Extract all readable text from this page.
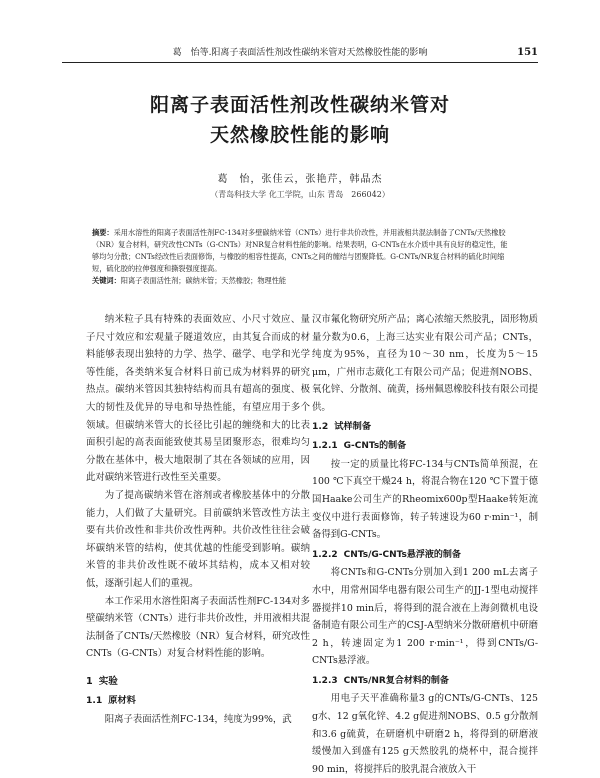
葛　怡等.阳离子表面活性剂改性碳纳米管对天然橡胶性能的影响	151
阳离子表面活性剂改性碳纳米管对
天然橡胶性能的影响
葛　怡，张佳云，张艳芹，韩晶杰
（青岛科技大学 化工学院，山东 青岛　266042）
摘要：采用水溶性的阳离子表面活性剂FC-134对多壁碳纳米管（CNTs）进行非共价改性，并用液相共混法制备了CNTs/天然橡胶（NR）复合材料，研究改性CNTs（G-CNTs）对NR复合材料性能的影响。结果表明，G-CNTs在水介质中具有良好的稳定性，能够均匀分散；CNTs经改性后表面修饰，与橡胶的相容性提高，CNTs之间的缠结与团聚降低。G-CNTs/NR复合材料的硫化时间缩短，硫化胶的拉伸强度和撕裂强度提高。
关键词：阳离子表面活性剂；碳纳米管；天然橡胶；物理性能

纳米粒子具有特殊的表面效应、小尺寸效应、量子尺寸效应和宏观量子隧道效应，由其复合而成的材料能够表现出独特的力学、热学、磁学、电学和光学等性能，各类纳米复合材料日前已成为材料界的研究热点。碳纳米管因其独特结构而具有超高的强度、极大的韧性及优异的导电和导热性能，有望应用于多个领域。但碳纳米管大的长径比引起的缠绕和大的比表面积引起的高表面能致使其易呈团聚形态，很难均匀分散在基体中，极大地限制了其在各领域的应用，因此对碳纳米管进行改性至关重要。

为了提高碳纳米管在溶剂或者橡胶基体中的分散能力，人们做了大量研究。目前碳纳米管改性方法主要有共价改性和非共价改性两种。共价改性往往会破坏碳纳米管的结构，使其优越的性能受到影响。碳纳米管的非共价改性既不破坏其结构，成本又相对较低，逐渐引起人们的重视。

本工作采用水溶性阳离子表面活性剂FC-134对多壁碳纳米管（CNTs）进行非共价改性，并用液相共混法制备了CNTs/天然橡胶（NR）复合材料，研究改性CNTs（G-CNTs）对复合材料性能的影响。

1 实验
1.1 原材料

阳离子表面活性剂FC-134，纯度为99%，武

汉市氟化物研究所产品；离心浓缩天然胶乳，固形物质量分数为0.6，上海三达实业有限公司产品；CNTs，纯度为95%，直径为10～30 nm，长度为5～15 μm，广州市志葳化工有限公司产品；促进剂NOBS、氧化锌、分散剂、硫黄，扬州佩恩橡胶科技有限公司提供。

1.2 试样制备
1.2.1 G-CNTs的制备

按一定的质量比将FC-134与CNTs简单预混，在100 ℃下真空干燥24 h，将混合物在120 ℃下置于德国Haake公司生产的Rheomix600p型Haake转矩流变仪中进行表面修饰，转子转速设为60 r·min⁻¹，制备得到G-CNTs。

1.2.2 CNTs/G-CNTs悬浮液的制备

将CNTs和G-CNTs分别加入到1 200 mL去离子水中，用常州国华电器有限公司生产的JJ-1型电动搅拌器搅拌10 min后，将得到的混合液在上海剑微机电设备制造有限公司生产的CSJ-A型纳米分散研磨机中研磨2 h，转速固定为1 200 r·min⁻¹，得到CNTs/G-CNTs悬浮液。

1.2.3 CNTs/NR复合材料的制备

用电子天平准确称量3 g的CNTs/G-CNTs、125 g水、12 g氧化锌、4.2 g促进剂NOBS、0.5 g分散剂和3.6 g硫黄，在研磨机中研磨2 h，将得到的研磨液缓慢加入到盛有125 g天然胶乳的烧杯中，混合搅拌90 min，将搅拌后的胶乳混合液放入干
